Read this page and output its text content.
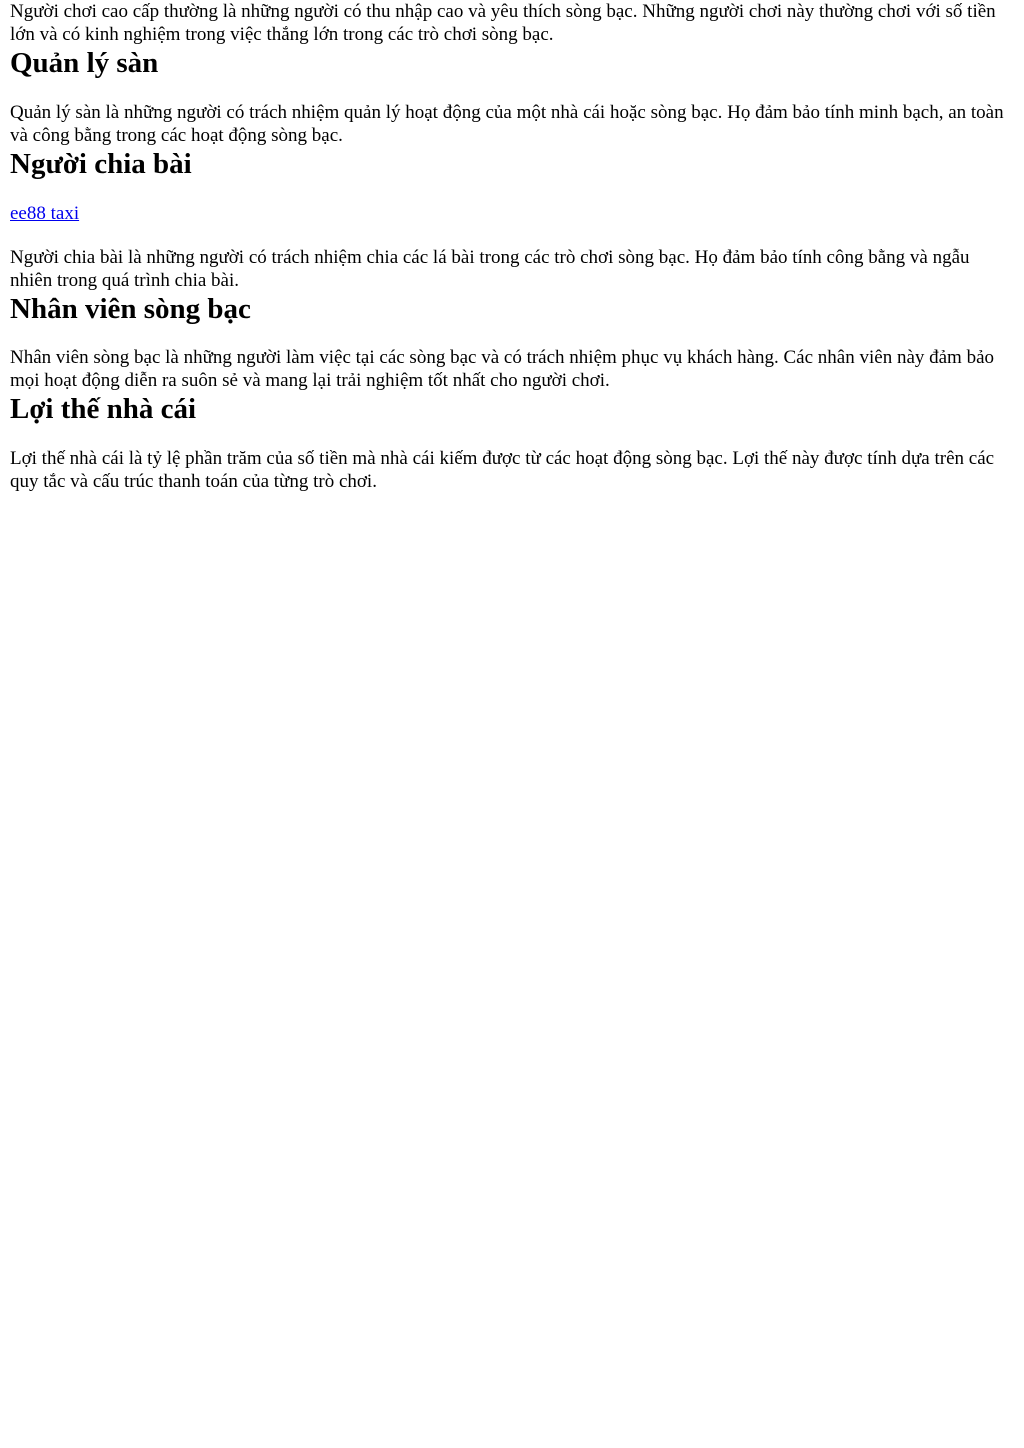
Người chơi cao cấp thường là những người có thu nhập cao và yêu thích sòng bạc. Những người chơi này thường chơi với số tiền lớn và có kinh nghiệm trong việc thắng lớn trong các trò chơi sòng bạc.

Quản lý sàn

Quản lý sàn là những người có trách nhiệm quản lý hoạt động của một nhà cái hoặc sòng bạc. Họ đảm bảo tính minh bạch, an toàn và công bằng trong các hoạt động sòng bạc.

Người chia bài

ee88 taxi

Người chia bài là những người có trách nhiệm chia các lá bài trong các trò chơi sòng bạc. Họ đảm bảo tính công bằng và ngẫu nhiên trong quá trình chia bài.

Nhân viên sòng bạc

Nhân viên sòng bạc là những người làm việc tại các sòng bạc và có trách nhiệm phục vụ khách hàng. Các nhân viên này đảm bảo mọi hoạt động diễn ra suôn sẻ và mang lại trải nghiệm tốt nhất cho người chơi.

Lợi thế nhà cái

Lợi thế nhà cái là tỷ lệ phần trăm của số tiền mà nhà cái kiếm được từ các hoạt động sòng bạc. Lợi thế này được tính dựa trên các quy tắc và cấu trúc thanh toán của từng trò chơi.
